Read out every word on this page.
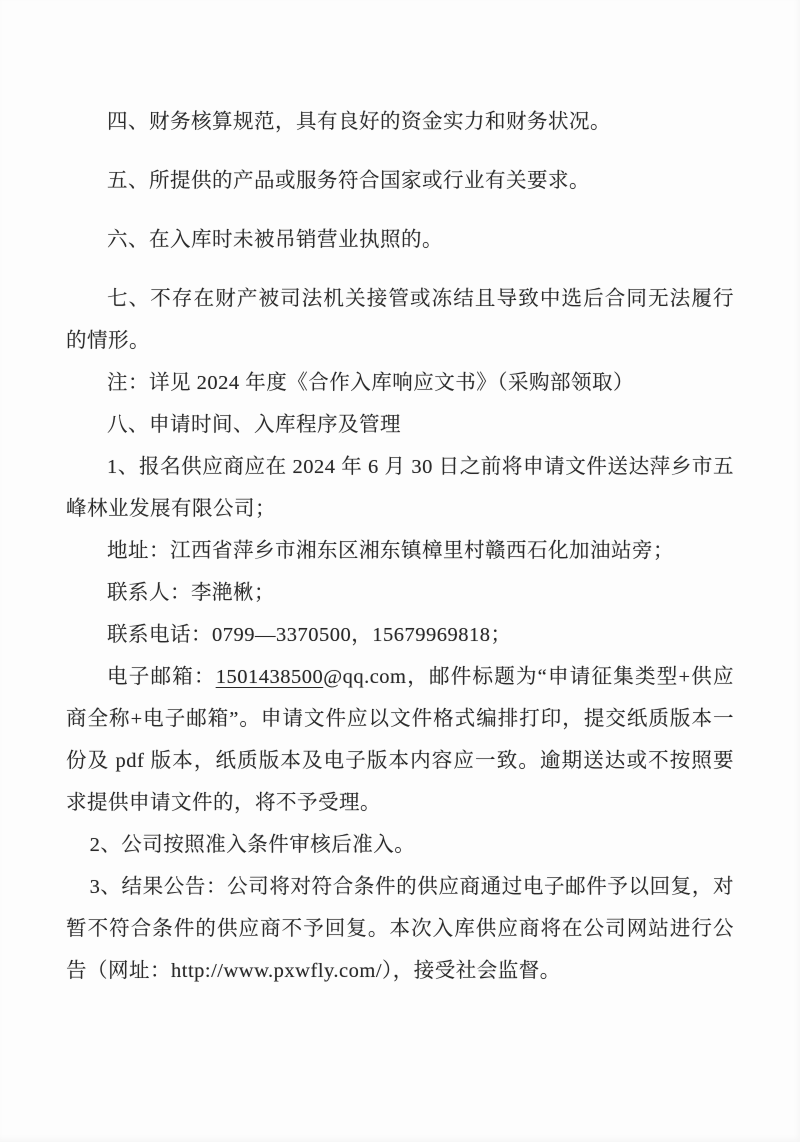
四、财务核算规范，具有良好的资金实力和财务状况。

五、所提供的产品或服务符合国家或行业有关要求。

六、在入库时未被吊销营业执照的。

七、不存在财产被司法机关接管或冻结且导致中选后合同无法履行的情形。

注：详见 2024 年度《合作入库响应文书》（采购部领取）

八、申请时间、入库程序及管理

1、报名供应商应在 2024 年 6 月 30 日之前将申请文件送达萍乡市五峰林业发展有限公司；

地址：江西省萍乡市湘东区湘东镇樟里村赣西石化加油站旁；

联系人：李滟楸；

联系电话：0799—3370500，15679969818；

电子邮箱：1501438500@qq.com，邮件标题为“申请征集类型+供应商全称+电子邮箱”。申请文件应以文件格式编排打印，提交纸质版本一份及 pdf 版本，纸质版本及电子版本内容应一致。逾期送达或不按照要求提供申请文件的，将不予受理。

2、公司按照准入条件审核后准入。

3、结果公告：公司将对符合条件的供应商通过电子邮件予以回复，对暂不符合条件的供应商不予回复。本次入库供应商将在公司网站进行公告（网址：http://www.pxwfly.com/），接受社会监督。
